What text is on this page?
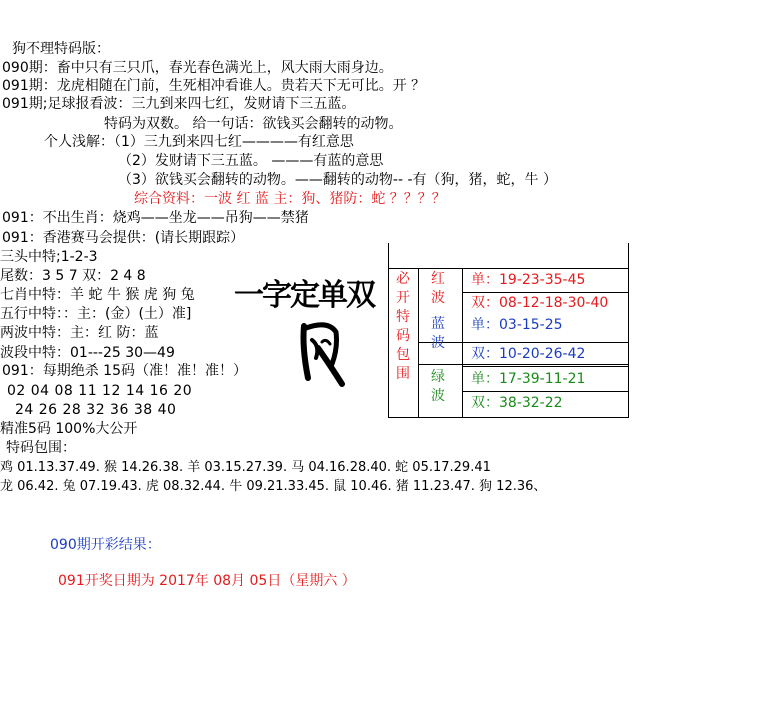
狗不理特码版：
090期：畜中只有三只爪，春光春色满光上，风大雨大雨身边。
091期：龙虎相随在门前，生死相冲看谁人。贵若天下无可比。开 ？
091期;足球报看波：三九到来四七红，发财请下三五蓝。
特码为双数。 给一句话：欲钱买会翻转的动物。
个人浅解：（1）三九到来四七红————有红意思
（2）发财请下三五蓝。 ———有蓝的意思
（3）欲钱买会翻转的动物。——翻转的动物-- -有（狗，猪，蛇，牛 ）
综合资料：一波 红 蓝 主：狗、猪防：蛇 ？？？？
091：不出生肖：烧鸡——坐龙——吊狗——禁猪
091：香港赛马会提供：(请长期跟踪）
三头中特;1-2-3
尾数：3 5 7 双：2 4 8
七肖中特：羊 蛇 牛 猴 虎 狗 兔
五行中特：：主：(金）(土）准]
两波中特：主：红 防：蓝
波段中特：01---25 30—49
091：每期绝杀 15码（准！准！准！）
02 04 08 11 12 14 16 20
24 26 28 32 36 38 40
精准5码 100%大公开
特码包围：
鸡 01.13.37.49. 猴 14.26.38. 羊 03.15.27.39. 马 04.16.28.40. 蛇 05.17.29.41
龙 06.42. 兔 07.19.43. 虎 08.32.44. 牛 09.21.33.45. 鼠 10.46. 猪 11.23.47. 狗 12.36、
090期开彩结果：
091开奖日期为 2017年 08月 05日（星期六 ）
一字定单双 必开特码包围
红波
蓝波
绿波
单：19-23-35-45
双：08-12-18-30-40
单：03-15-25
双：10-20-26-42
单：17-39-11-21
双：38-32-22
